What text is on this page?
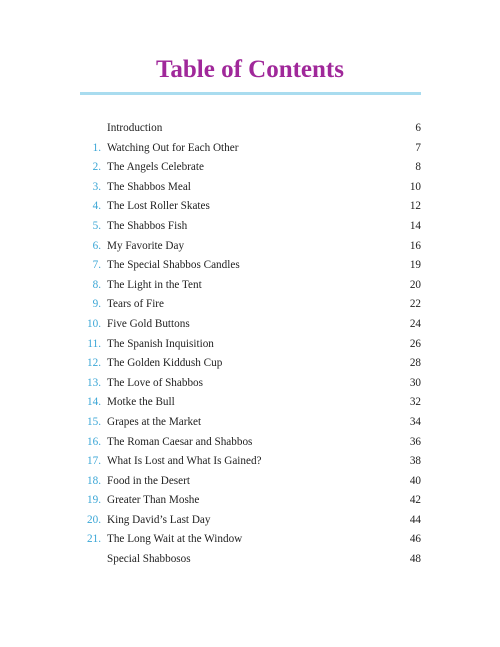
Table of Contents
Introduction	6
1. Watching Out for Each Other	7
2. The Angels Celebrate	8
3. The Shabbos Meal	10
4. The Lost Roller Skates	12
5. The Shabbos Fish	14
6. My Favorite Day	16
7. The Special Shabbos Candles	19
8. The Light in the Tent	20
9. Tears of Fire	22
10. Five Gold Buttons	24
11. The Spanish Inquisition	26
12. The Golden Kiddush Cup	28
13. The Love of Shabbos	30
14. Motke the Bull	32
15. Grapes at the Market	34
16. The Roman Caesar and Shabbos	36
17. What Is Lost and What Is Gained?	38
18. Food in the Desert	40
19. Greater Than Moshe	42
20. King David’s Last Day	44
21. The Long Wait at the Window	46
Special Shabbosos	48
